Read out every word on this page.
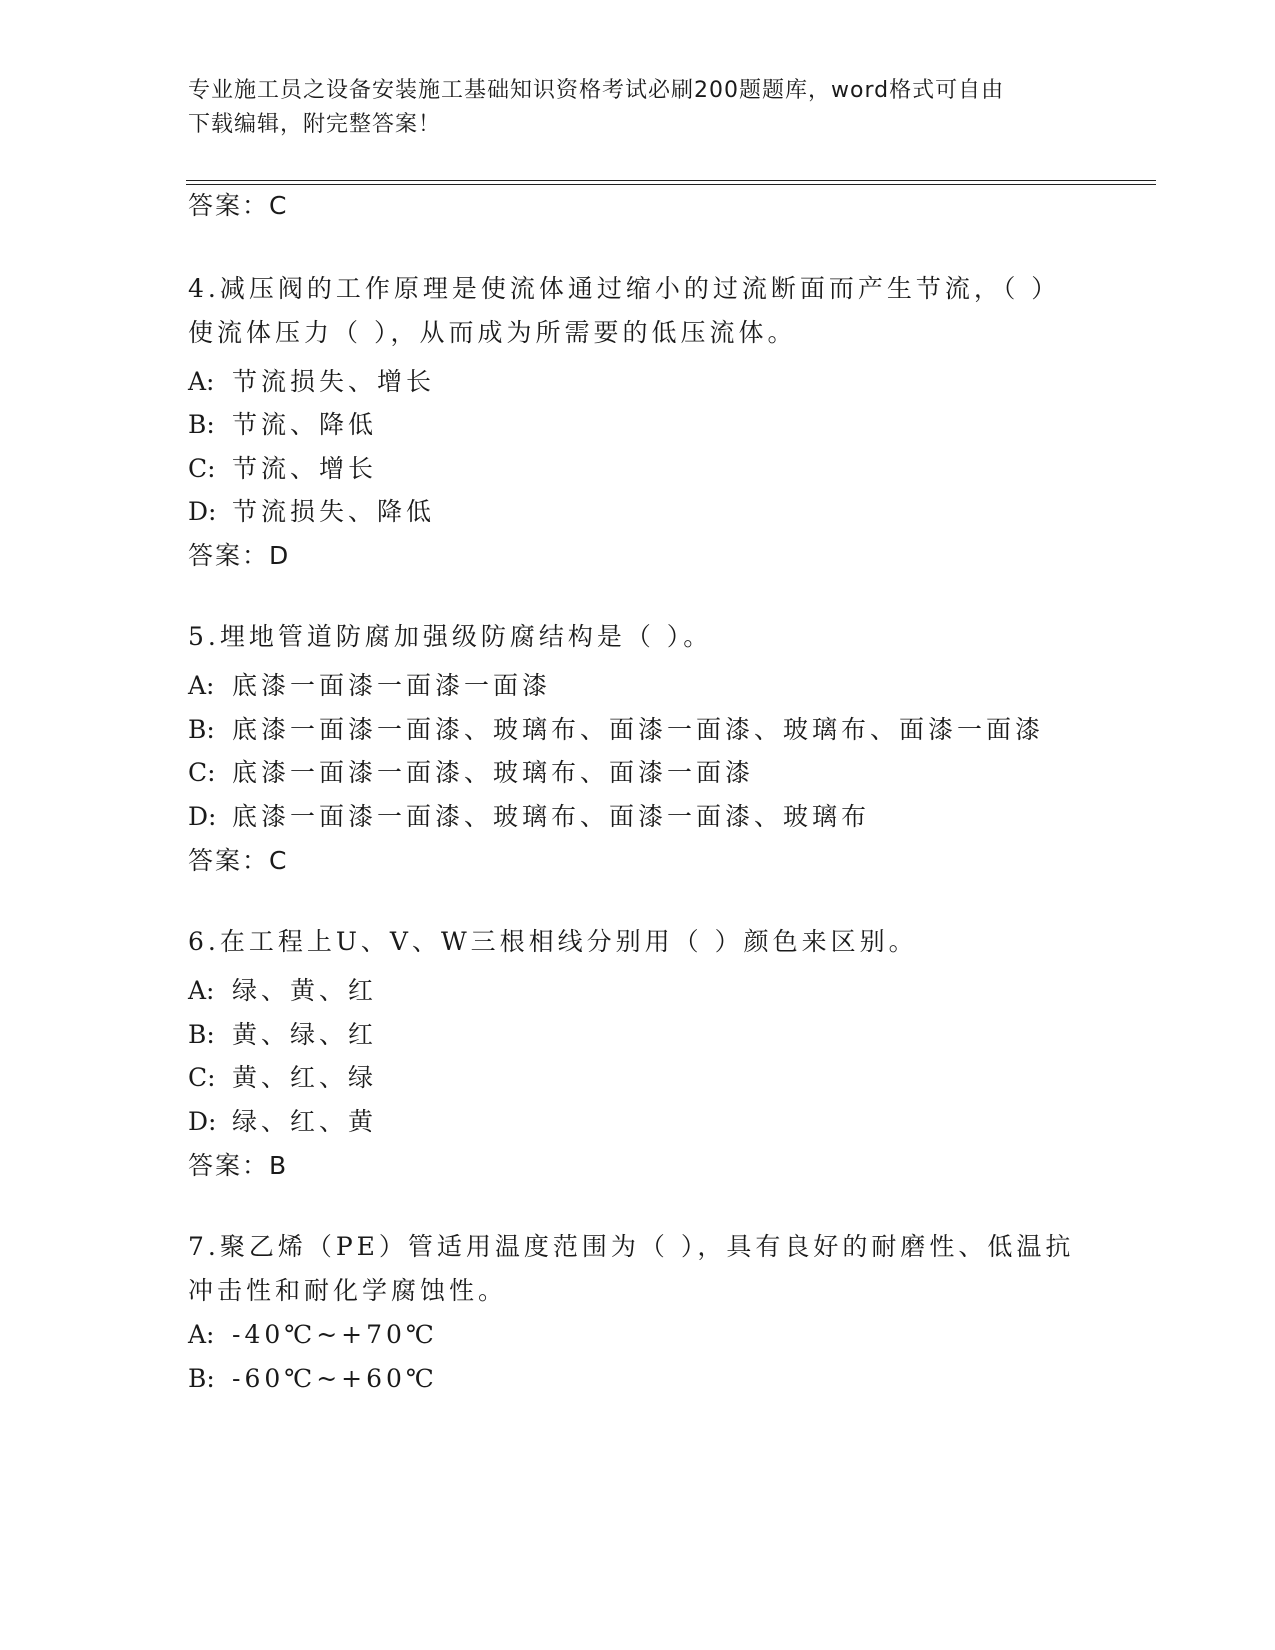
专业施工员之设备安装施工基础知识资格考试必刷200题题库，word格式可自由
下载编辑，附完整答案！
答案：C
4.减压阀的工作原理是使流体通过缩小的过流断面而产生节流，（ ）
使流体压力（ ），从而成为所需要的低压流体。
A: 节流损失、增长
B: 节流、降低
C: 节流、增长
D: 节流损失、降低
答案：D
5.埋地管道防腐加强级防腐结构是（ ）。
A: 底漆一面漆一面漆一面漆
B: 底漆一面漆一面漆、玻璃布、面漆一面漆、玻璃布、面漆一面漆
C: 底漆一面漆一面漆、玻璃布、面漆一面漆
D: 底漆一面漆一面漆、玻璃布、面漆一面漆、玻璃布
答案：C
6.在工程上U、V、W三根相线分别用（ ）颜色来区别。
A: 绿、黄、红
B: 黄、绿、红
C: 黄、红、绿
D: 绿、红、黄
答案：B
7.聚乙烯（PE）管适用温度范围为（ ），具有良好的耐磨性、低温抗
冲击性和耐化学腐蚀性。
A: -40℃~+70℃
B: -60℃~+60℃
